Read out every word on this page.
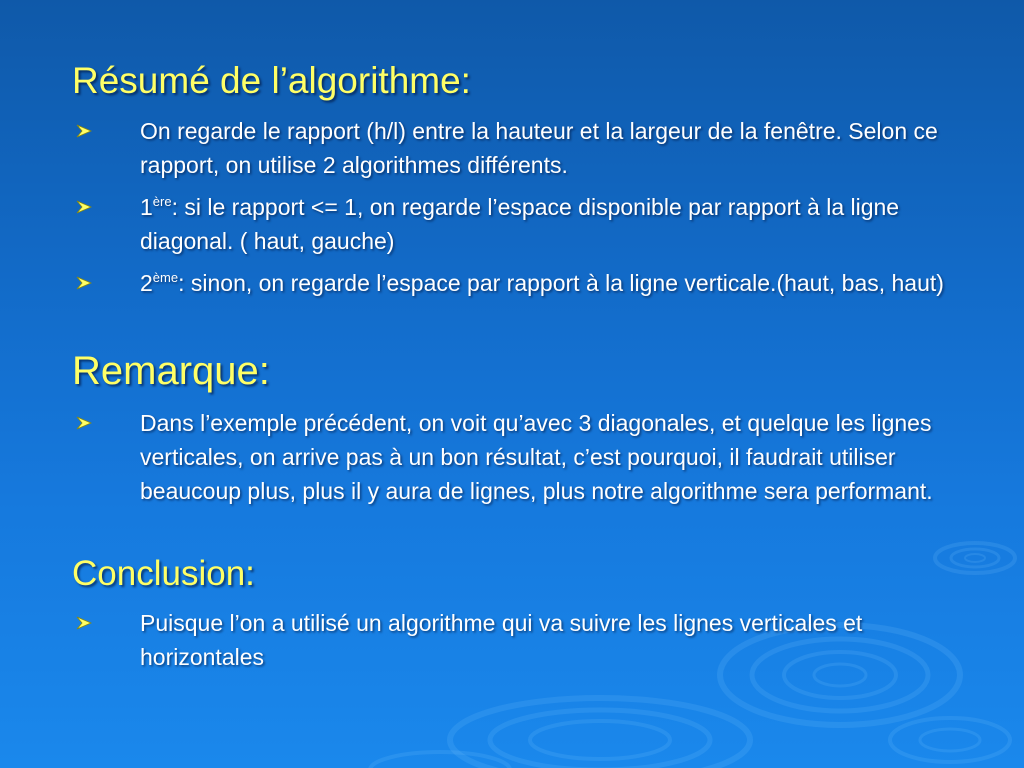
Résumé de l’algorithme:

On regarde le rapport (h/l) entre la hauteur et la largeur de la fenêtre. Selon ce rapport, on utilise 2 algorithmes différents.

1ère: si le rapport <= 1, on regarde l’espace disponible par rapport à la ligne diagonal. ( haut, gauche)

2ème: sinon, on regarde l’espace par rapport à la ligne verticale.(haut, bas, haut)

Remarque:

Dans l’exemple précédent, on voit qu’avec 3 diagonales, et quelque les lignes verticales, on arrive pas à un bon résultat, c’est pourquoi, il faudrait utiliser beaucoup plus, plus il y aura de lignes, plus notre algorithme sera performant.

Conclusion:

Puisque l’on a utilisé un algorithme qui va suivre les lignes verticales et horizontales
